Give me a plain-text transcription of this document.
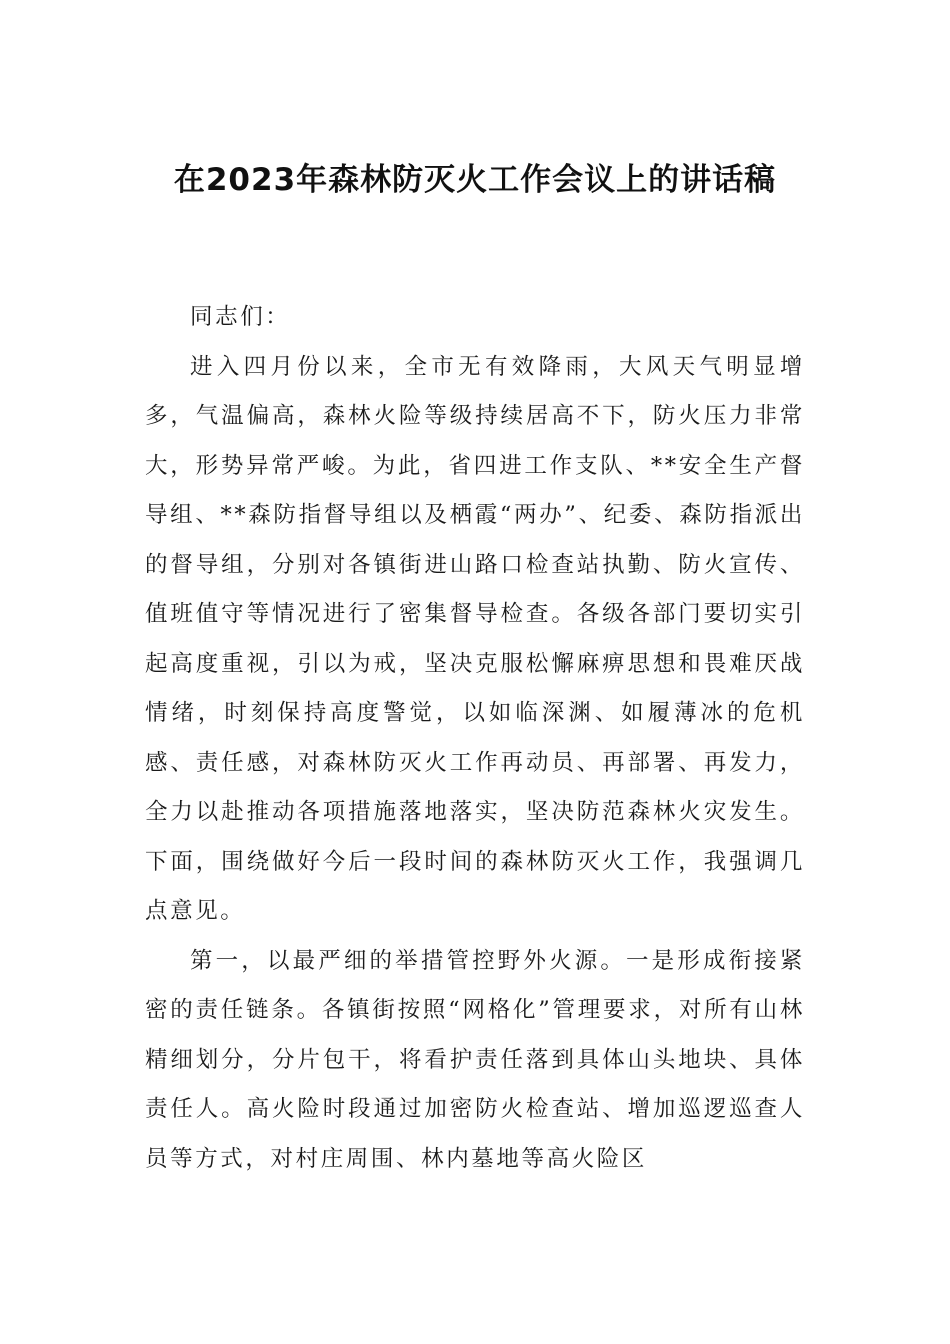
在2023年森林防灭火工作会议上的讲话稿

同志们：

进入四月份以来，全市无有效降雨，大风天气明显增多，气温偏高，森林火险等级持续居高不下，防火压力非常大，形势异常严峻。为此，省四进工作支队、**安全生产督导组、**森防指督导组以及栖霞“两办”、纪委、森防指派出的督导组，分别对各镇街进山路口检查站执勤、防火宣传、值班值守等情况进行了密集督导检查。各级各部门要切实引起高度重视，引以为戒，坚决克服松懈麻痹思想和畏难厌战情绪，时刻保持高度警觉，以如临深渊、如履薄冰的危机感、责任感，对森林防灭火工作再动员、再部署、再发力，全力以赴推动各项措施落地落实，坚决防范森林火灾发生。下面，围绕做好今后一段时间的森林防灭火工作，我强调几点意见。

第一，以最严细的举措管控野外火源。一是形成衔接紧密的责任链条。各镇街按照“网格化”管理要求，对所有山林精细划分，分片包干，将看护责任落到具体山头地块、具体责任人。高火险时段通过加密防火检查站、增加巡逻巡查人员等方式，对村庄周围、林内墓地等高火险区
